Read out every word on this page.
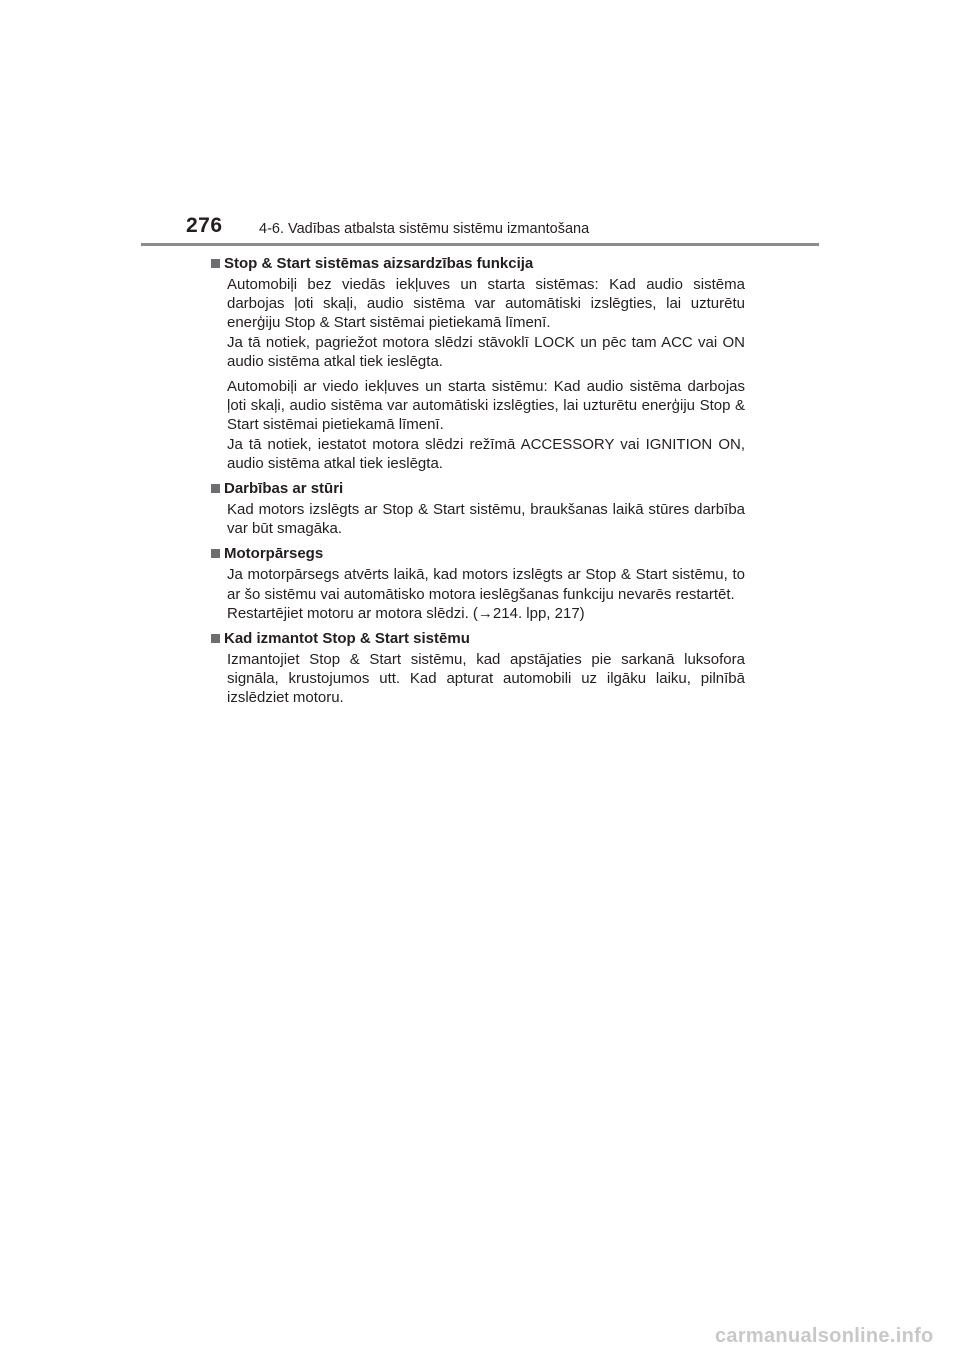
276	4-6. Vadības atbalsta sistēmu sistēmu izmantošana
Stop & Start sistēmas aizsardzības funkcija
Automobiļi bez viedās iekļuves un starta sistēmas: Kad audio sistēma
darbojas ļoti skaļi, audio sistēma var automātiski izslēgties, lai uzturētu
enerģiju Stop & Start sistēmai pietiekamā līmenī.
Ja tā notiek, pagriežot motora slēdzi stāvoklī LOCK un pēc tam ACC vai ON
audio sistēma atkal tiek ieslēgta.
Automobiļi ar viedo iekļuves un starta sistēmu: Kad audio sistēma darbojas
ļoti skaļi, audio sistēma var automātiski izslēgties, lai uzturētu enerģiju Stop &
Start sistēmai pietiekamā līmenī.
Ja tā notiek, iestatot motora slēdzi režīmā ACCESSORY vai IGNITION ON,
audio sistēma atkal tiek ieslēgta.
Darbības ar stūri
Kad motors izslēgts ar Stop & Start sistēmu, braukšanas laikā stūres darbība
var būt smagāka.
Motorpārsegs
Ja motorpārsegs atvērts laikā, kad motors izslēgts ar Stop & Start sistēmu, to
ar šo sistēmu vai automātisko motora ieslēgšanas funkciju nevarēs restartēt.
Restartējiet motoru ar motora slēdzi. (→214. lpp, 217)
Kad izmantot Stop & Start sistēmu
Izmantojiet Stop & Start sistēmu, kad apstājaties pie sarkanā luksofora
signāla, krustojumos utt. Kad apturat automobili uz ilgāku laiku, pilnībā
izslēdziet motoru.
carmanualsonline.info
